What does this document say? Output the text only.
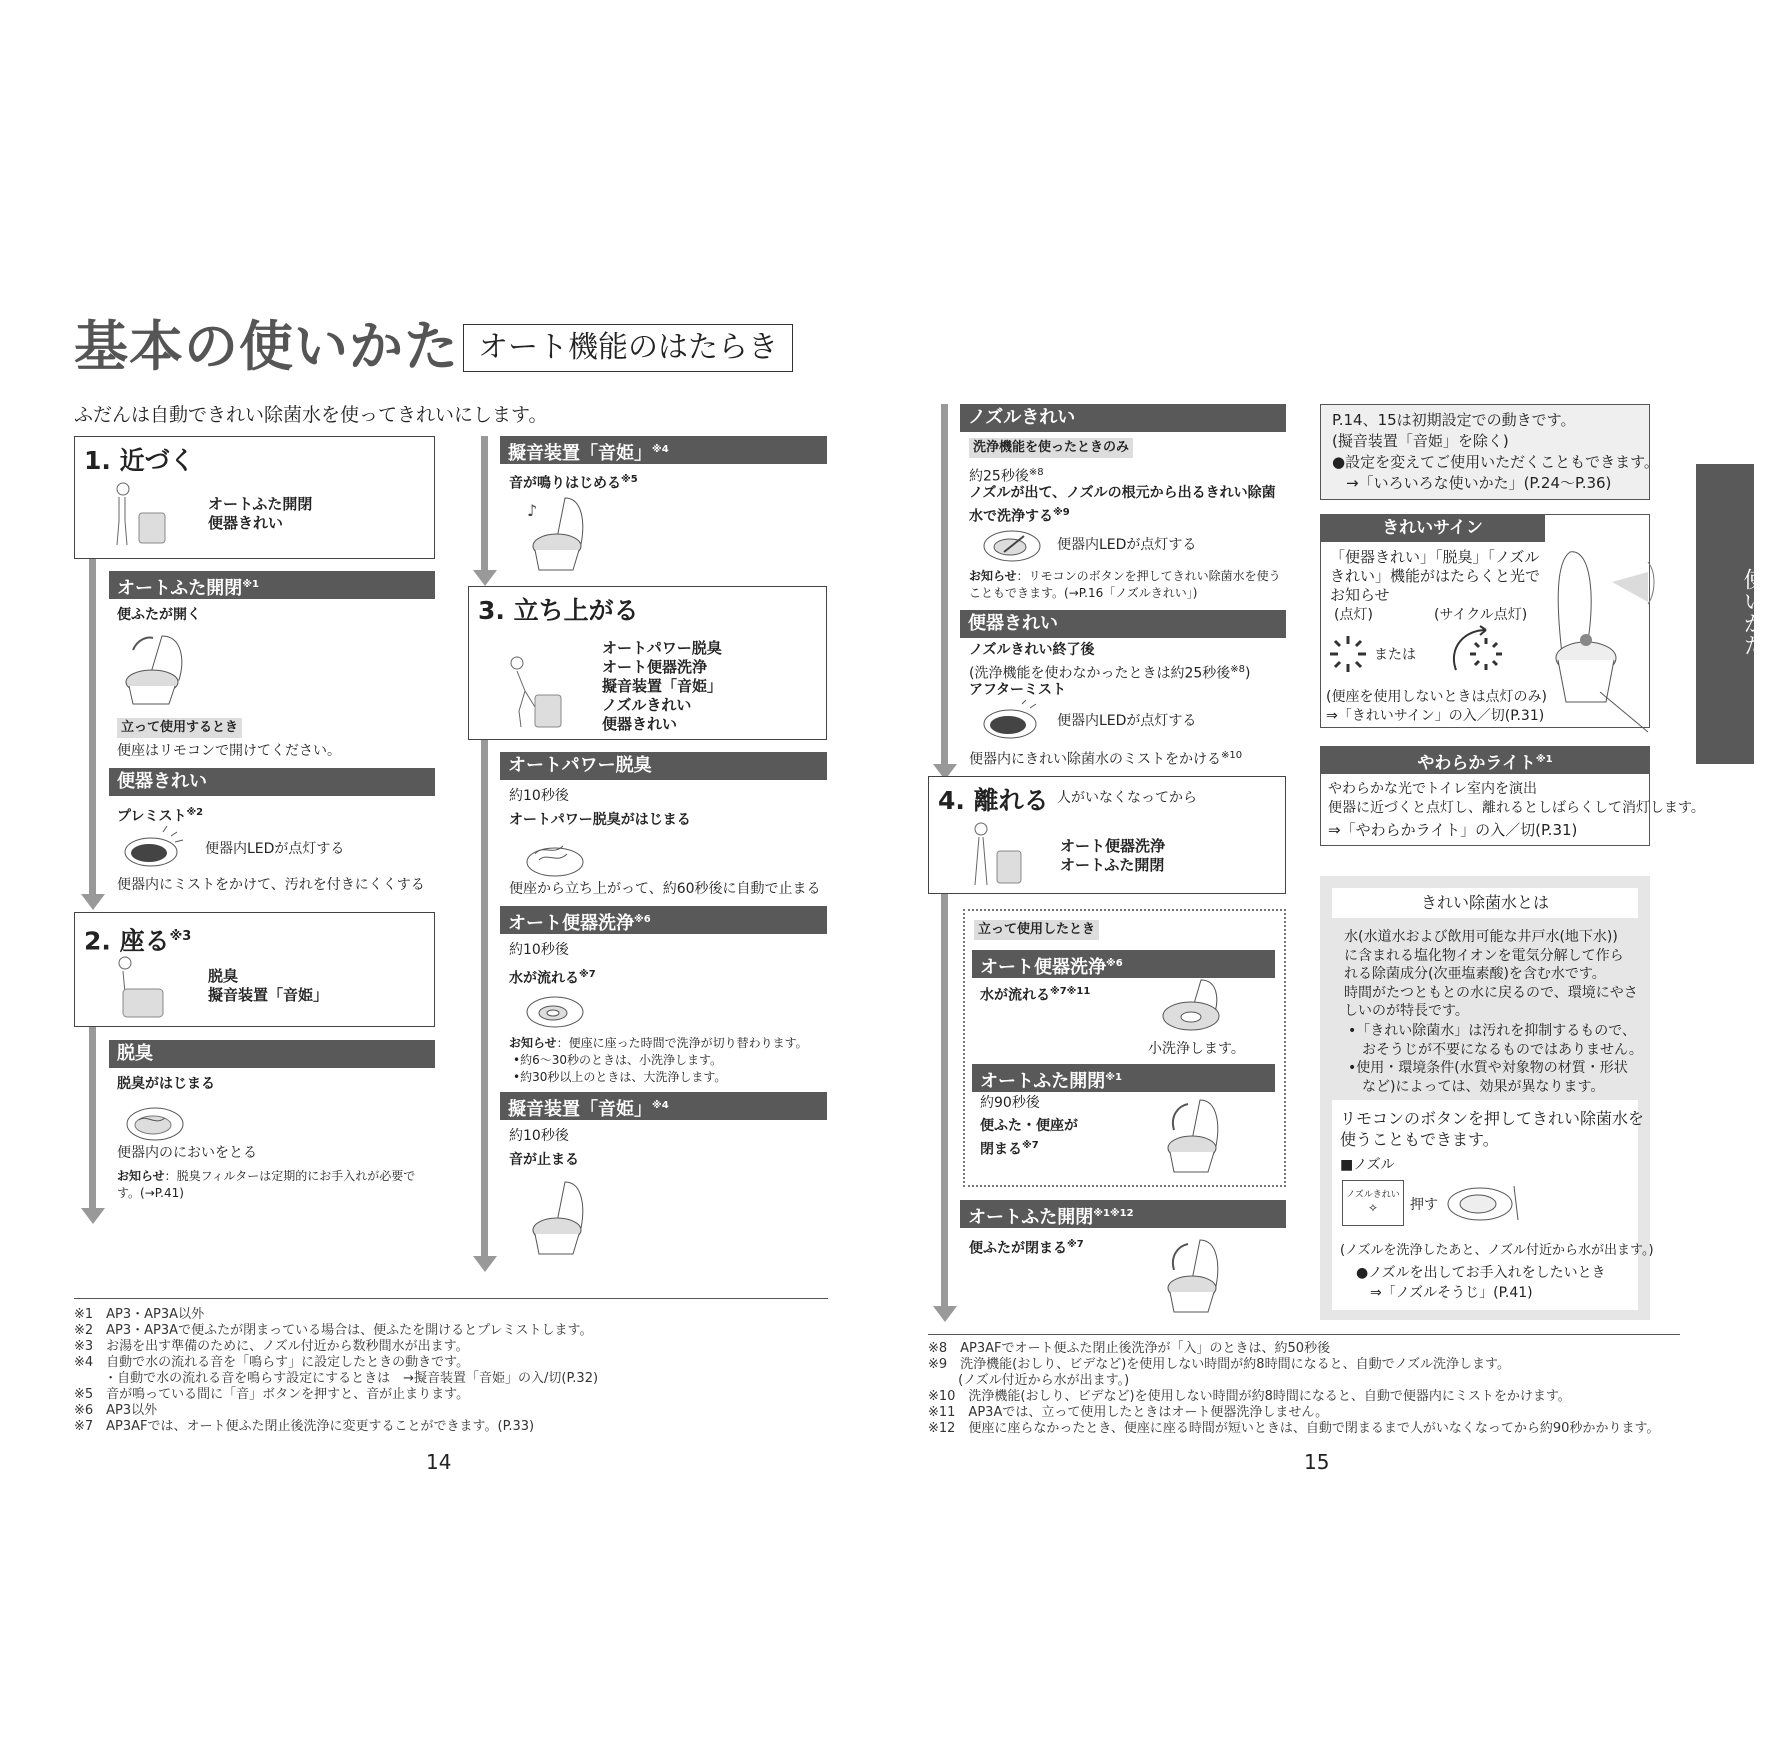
基本の使いかた オート機能のはたらき
ふだんは自動できれい除菌水を使ってきれいにします。
1. 近づく
オートふた開閉
便器きれい
オートふた開閉$^{※1}$
便ふたが開く
立って使用するとき
便座はリモコンで開けてください。
便器きれい
プレミスト$^{※2}$
便器内LEDが点灯する
便器内にミストをかけて、汚れを付きにくくする
2. 座る$^{※3}$
脱臭
擬音装置「音姫」
脱臭
脱臭がはじまる
便器内のにおいをとる
お知らせ：脱臭フィルターは定期的にお手入れが必要です。(→P.41)
擬音装置「音姫」$^{※4}$
音が鳴りはじめる$^{※5}$
♪
3. 立ち上がる
オートパワー脱臭
オート便器洗浄
擬音装置「音姫」
ノズルきれい
便器きれい
オートパワー脱臭
約10秒後
オートパワー脱臭がはじまる
便座から立ち上がって、約60秒後に自動で止まる
オート便器洗浄$^{※6}$
約10秒後
水が流れる$^{※7}$
お知らせ：便座に座った時間で洗浄が切り替わります。
•約6～30秒のときは、小洗浄します。
•約30秒以上のときは、大洗浄します。
擬音装置「音姫」$^{※4}$
約10秒後
音が止まる
ノズルきれい
洗浄機能を使ったときのみ
約25秒後$^{※8}$
ノズルが出て、ノズルの根元から出るきれい除菌水で洗浄する$^{※9}$
便器内LEDが点灯する
お知らせ：リモコンのボタンを押してきれい除菌水を使うこともできます。(→P.16「ノズルきれい」)
便器きれい
ノズルきれい終了後
(洗浄機能を使わなかったときは約25秒後$^{※8}$)
アフターミスト
便器内LEDが点灯する
便器内にきれい除菌水のミストをかける$^{※10}$
4. 離れる 人がいなくなってから
オート便器洗浄
オートふた開閉
立って使用したとき
オート便器洗浄$^{※6}$
水が流れる$^{※7※11}$
小洗浄します。
オートふた開閉$^{※1}$
約90秒後
便ふた・便座が
閉まる$^{※7}$
オートふた開閉$^{※1※12}$
便ふたが閉まる$^{※7}$
P.14、15は初期設定での動きです。
(擬音装置「音姫」を除く)
●設定を変えてご使用いただくこともできます。
→「いろいろな使いかた」(P.24～P.36)
きれいサイン
「便器きれい」「脱臭」「ノズル
きれい」機能がはたらくと光で
お知らせ
(点灯)	(サイクル点灯)
または
(便座を使用しないときは点灯のみ)
⇒「きれいサイン」の入／切(P.31)
やわらかライト$^{※1}$
やわらかな光でトイレ室内を演出
便器に近づくと点灯し、離れるとしばらくして消灯します。
⇒「やわらかライト」の入／切(P.31)
きれい除菌水とは
水(水道水および飲用可能な井戸水(地下水))
に含まれる塩化物イオンを電気分解して作ら
れる除菌成分(次亜塩素酸)を含む水です。
時間がたつともとの水に戻るので、環境にやさ
しいのが特長です。
•「きれい除菌水」は汚れを抑制するもので、
　おそうじが不要になるものではありません。
•使用・環境条件(水質や対象物の材質・形状
　など)によっては、効果が異なります。
リモコンのボタンを押してきれい除菌水を
使うこともできます。
■ノズル
ノズルきれい
⟡	押す
(ノズルを洗浄したあと、ノズル付近から水が出ます。)
●ノズルを出してお手入れをしたいとき
⇒「ノズルそうじ」(P.41)
使いかた
※1　AP3・AP3A以外
※2　AP3・AP3Aで便ふたが閉まっている場合は、便ふたを開けるとプレミストします。
※3　お湯を出す準備のために、ノズル付近から数秒間水が出ます。
※4　自動で水の流れる音を「鳴らす」に設定したときの動きです。
　　 ・自動で水の流れる音を鳴らす設定にするときは　→擬音装置「音姫」の入/切(P.32)
※5　音が鳴っている間に「音」ボタンを押すと、音が止まります。
※6　AP3以外
※7　AP3AFでは、オート便ふた閉止後洗浄に変更することができます。(P.33)
※8　AP3AFでオート便ふた閉止後洗浄が「入」のときは、約50秒後
※9　洗浄機能(おしり、ビデなど)を使用しない時間が約8時間になると、自動でノズル洗浄します。
　　 (ノズル付近から水が出ます。)
※10　洗浄機能(おしり、ビデなど)を使用しない時間が約8時間になると、自動で便器内にミストをかけます。
※11　AP3Aでは、立って使用したときはオート便器洗浄しません。
※12　便座に座らなかったとき、便座に座る時間が短いときは、自動で閉まるまで人がいなくなってから約90秒かかります。
14	15
